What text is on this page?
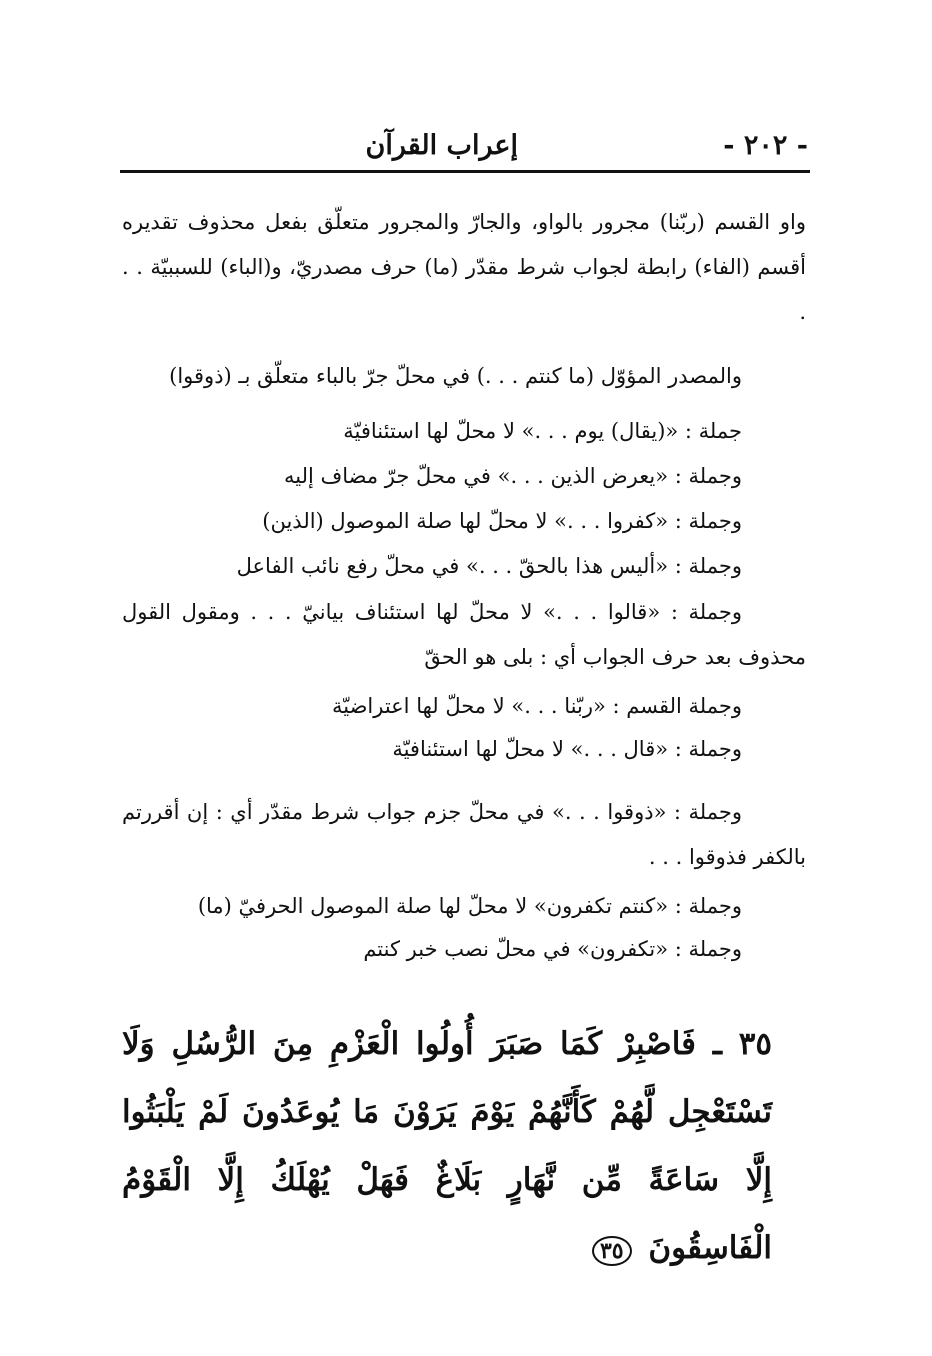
- ٢٠٢ -
إعراب القرآن
واو القسم (ربّنا) مجرور بالواو، والجارّ والمجرور متعلّق بفعل محذوف تقديره أقسم (الفاء) رابطة لجواب شرط مقدّر (ما) حرف مصدريّ، و(الباء) للسببيّة . . .
والمصدر المؤوّل (ما كنتم . . .) في محلّ جرّ بالباء متعلّق بـ (ذوقوا)
جملة : «(يقال) يوم . . .» لا محلّ لها استئنافيّة
وجملة : «يعرض الذين . . .» في محلّ جرّ مضاف إليه
وجملة : «كفروا . . .» لا محلّ لها صلة الموصول (الذين)
وجملة : «أليس هذا بالحقّ . . .» في محلّ رفع نائب الفاعل
وجملة : «قالوا . . .» لا محلّ لها استئناف بيانيّ . . . ومقول القول محذوف بعد حرف الجواب أي : بلى هو الحقّ
وجملة القسم : «ربّنا . . .» لا محلّ لها اعتراضيّة
وجملة : «قال . . .» لا محلّ لها استئنافيّة
وجملة : «ذوقوا . . .» في محلّ جزم جواب شرط مقدّر أي : إن أقررتم بالكفر فذوقوا . . .
وجملة : «كنتم تكفرون» لا محلّ لها صلة الموصول الحرفيّ (ما)
وجملة : «تكفرون» في محلّ نصب خبر كنتم
٣٥ ـ فَاصْبِرْ كَمَا صَبَرَ أُولُوا الْعَزْمِ مِنَ الرُّسُلِ وَلَا تَسْتَعْجِل لَّهُمْ كَأَنَّهُمْ يَوْمَ يَرَوْنَ مَا يُوعَدُونَ لَمْ يَلْبَثُوا إِلَّا سَاعَةً مِّن نَّهَارٍ بَلَاغٌ فَهَلْ يُهْلَكُ إِلَّا الْقَوْمُ الْفَاسِقُونَ ٣٥
